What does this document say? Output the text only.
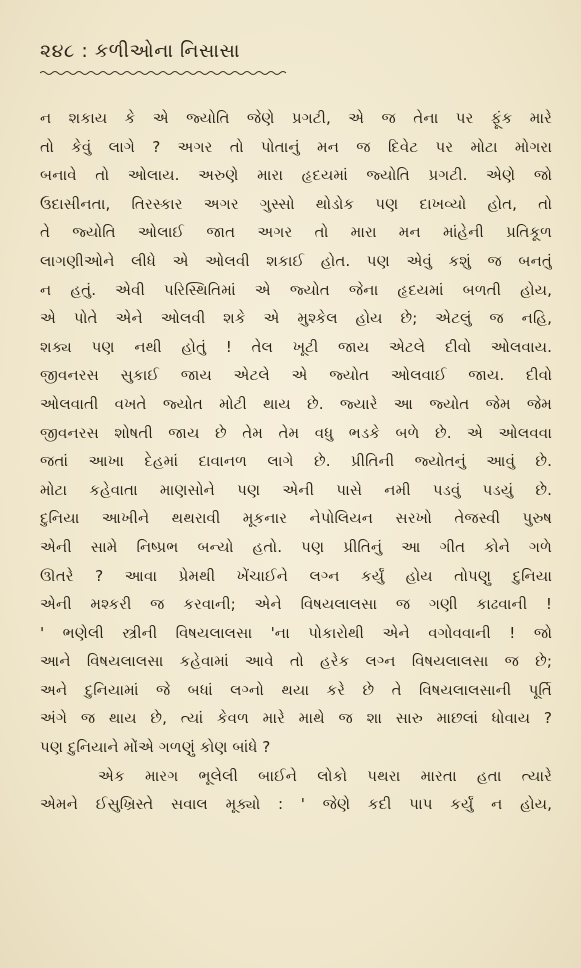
૨૪૮ : કળીઓના નિસાસા
ન શકાય કે એ જ્યોતિ જેણે પ્રગટી, એ જ તેના પર ફૂંક મારે
તો કેવું લાગે ? અગર તો પોતાનું મન જ દિવેટ પર મોટા મોગરા
બનાવે તો ઓલાય. અરુણે મારા હૃદયમાં જ્યોતિ પ્રગટી. એણે જો
ઉદાસીનતા, તિરસ્કાર અગર ગુસ્સો થોડોક પણ દાખવ્યો હોત, તો
તે જ્યોતિ ઓલાઈ જાત અગર તો મારા મન માંહેની પ્રતિકૂળ
લાગણીઓને લીધે એ ઓલવી શકાઈ હોત. પણ એવું કશું જ બનતું
ન હતું. એવી પરિસ્થિતિમાં એ જ્યોત જેના હૃદયમાં બળતી હોય,
એ પોતે એને ઓલવી શકે એ મુશ્કેલ હોય છે; એટલું જ નહિ,
શક્ય પણ નથી હોતું ! તેલ ખૂટી જાય એટલે દીવો ઓલવાય.
જીવનરસ સુકાઈ જાય એટલે એ જ્યોત ઓલવાઈ જાય. દીવો
ઓલવાતી વખતે જ્યોત મોટી થાય છે. જ્યારે આ જ્યોત જેમ જેમ
જીવનરસ શોષતી જાય છે તેમ તેમ વધુ ભડકે બળે છે. એ ઓલવવા
જતાં આખા દેહમાં દાવાનળ લાગે છે. પ્રીતિની જ્યોતનું આવું છે.
મોટા કહેવાતા માણસોને પણ એની પાસે નમી પડવું પડયું છે.
દુનિયા આખીને થથરાવી મૂકનાર નેપોલિયન સરખો તેજસ્વી પુરુષ
એની સામે નિષ્પ્રભ બન્યો હતો. પણ પ્રીતિનું આ ગીત કોને ગળે
ઊતરે ? આવા પ્રેમથી ખેંચાઈને લગ્ન કર્યું હોય તોપણુ દુનિયા
એની મશ્કરી જ કરવાની; એને વિષયલાલસા જ ગણી કાઢવાની !
' ભણેલી સ્ત્રીની વિષયલાલસા 'ના પોકારોથી એને વગોવવાની ! જો
આને વિષયલાલસા કહેવામાં આવે તો હરેક લગ્ન વિષયલાલસા જ છે;
અને દુનિયામાં જે બધાં લગ્નો થયા કરે છે તે વિષયલાલસાની પૂર્તિ
અંગે જ થાય છે, ત્યાં કેવળ મારે માથે જ શા સારુ માછલાં ધોવાય ?
પણ દુનિયાને મોંએ ગળણું કોણ બાંધે ?
એક મારગ ભૂલેલી બાઈને લોકો પથરા મારતા હતા ત્યારે
એમને ઈસુખ્રિસ્તે સવાલ મૂક્યો : ' જેણે કદી પાપ કર્યું ન હોય,
